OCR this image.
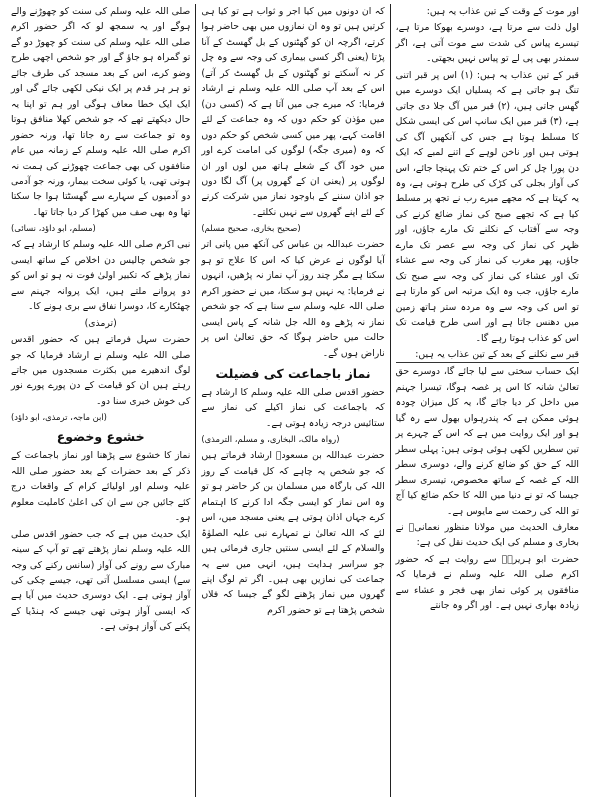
اور موت کے وقت کے تین عذاب یہ ہیں:

اول ذلت سے مرتا ہے، دوسرے بھوکا مرتا ہے، تیسرے پیاس کی شدت سے موت آتی ہے، اگر سمندر بھی پی لے تو پیاس نہیں بجھتی۔

قبر کے تین عذاب یہ ہیں: (۱) اس پر قبر اتنی تنگ ہو جاتی ہے کہ پسلیاں ایک دوسرے میں گھس جاتی ہیں، (۲) قبر میں آگ جلا دی جاتی ہے، (۳) قبر میں ایک سانپ اس کی ایسی شکل کا مسلط ہوتا ہے جس کی آنکھیں آگ کی ہوتی ہیں اور ناخن لوہے کے اتنے لمبے کہ ایک دن پورا چل کر اس کے ختم تک پہنچا جائے، اس کی آواز بجلی کی کڑک کی طرح ہوتی ہے، وہ یہ کہتا ہے کہ مجھے میرے رب نے تجھ پر مسلط کیا ہے کہ تجھے صبح کی نماز ضائع کرنے کی وجہ سے آفتاب کے نکلنے تک مارے جاؤں، اور ظہر کی نماز کی وجہ سے عصر تک مارے جاؤں، پھر مغرب کی نماز کی وجہ سے عشاء تک اور عشاء کی نماز کی وجہ سے صبح تک مارے جاؤں، جب وہ ایک مرتبہ اس کو مارتا ہے تو اس کی وجہ سے وہ مردہ ستر ہاتھ زمین میں دھنس جاتا ہے اور اسی طرح قیامت تک اس کو عذاب ہوتا رہے گا۔

قبر سے نکلنے کے بعد کے تین عذاب یہ ہیں:

ایک حساب سختی سے لیا جائے گا، دوسرے حق تعالیٰ شانہ کا اس پر غصہ ہوگا، تیسرا جہنم میں داخل کر دیا جائے گا، یہ کل میزان چودہ ہوئی ممکن ہے کہ پندرہواں بھول سے رہ گیا ہو اور ایک روایت میں ہے کہ اس کے چہرے پر تین سطریں لکھی ہوئی ہوتی ہیں: پہلی سطر اللہ کے حق کو ضائع کرنے والے، دوسری سطر اللہ کے غصہ کے ساتھ مخصوص، تیسری سطر جیسا کہ تو نے دنیا میں اللہ کا حکم ضائع کیا آج تو اللہ کی رحمت سے مایوس ہے۔

معارف الحدیث میں مولانا منظور نعمانیؒ نے بخاری و مسلم کی ایک حدیث نقل کی ہے:

حضرت ابو ہریرہؓ سے روایت ہے کہ حضور اکرم صلی اللہ علیہ وسلم نے فرمایا کہ منافقوں پر کوئی نماز بھی فجر و عشاء سے زیادہ بھاری نہیں ہے۔ اور اگر وہ جانتے

کہ ان دونوں میں کیا اجر و ثواب ہے تو کیا ہی کرتیں ہیں تو وہ ان نمازوں میں بھی حاضر ہوا کرتے، اگرچہ ان کو گھٹنوں کے بل گھسٹ کے آنا پڑتا (یعنی اگر کسی بیماری کی وجہ سے وہ چل کر نہ آسکتے تو گھٹنوں کے بل گھسٹ کر آتے) اس کے بعد آپ صلی اللہ علیہ وسلم نے ارشاد فرمایا: کہ میرے جی میں آتا ہے کہ (کسی دن) میں مؤذن کو حکم دوں کہ وہ جماعت کے لئے اقامت کہے، پھر میں کسی شخص کو حکم دوں کہ وہ (میری جگہ) لوگوں کی امامت کرے اور میں خود آگ کے شعلے ہاتھ میں لوں اور ان لوگوں پر (یعنی ان کے گھروں پر) آگ لگا دوں جو اذان سننے کے باوجود نماز میں شرکت کرنے کے لئے اپنے گھروں سے نہیں نکلتے۔

(صحیح بخاری، صحیح مسلم)

حضرت عبداللہ بن عباس کی آنکھ میں پانی اتر آیا لوگوں نے عرض کیا کہ اس کا علاج تو ہو سکتا ہے مگر چند روز آپ نماز نہ پڑھیں، انہوں نے فرمایا: یہ نہیں ہو سکتا، میں نے حضور اکرم صلی اللہ علیہ وسلم سے سنا ہے کہ جو شخص نماز نہ پڑھے وہ اللہ جل شانہ کے پاس ایسی حالت میں حاضر ہوگا کہ حق تعالیٰ اس پر ناراض ہوں گے۔

نماز باجماعت کی فضیلت

حضور اقدس صلی اللہ علیہ وسلم کا ارشاد ہے کہ باجماعت کی نماز اکیلے کی نماز سے ستائیس درجہ زیادہ ہوتی ہے۔

(رواہ مالک، البخاری، و مسلم، الترمذی)

حضرت عبداللہ بن مسعودؓ ارشاد فرماتے ہیں کہ جو شخص یہ چاہے کہ کل قیامت کے روز اللہ کی بارگاہ میں مسلمان بن کر حاضر ہو تو وہ اس نماز کو ایسی جگہ ادا کرنے کا اہتمام کرے جہاں اذان ہوتی ہے یعنی مسجد میں، اس لئے کہ اللہ تعالیٰ نے تمہارے نبی علیہ الصلوٰۃ والسلام کے لئے ایسی سنتیں جاری فرمائی ہیں جو سراسر ہدایت ہیں، انہی میں سے یہ جماعت کی نمازیں بھی ہیں۔ اگر تم لوگ اپنے گھروں میں نماز پڑھنے لگو گے جیسا کہ فلاں شخص پڑھتا ہے تو حضور اکرم

صلی اللہ علیہ وسلم کی سنت کو چھوڑنے والے ہوگے اور یہ سمجھ لو کہ اگر حضور اکرم صلی اللہ علیہ وسلم کی سنت کو چھوڑ دو گے تو گمراہ ہو جاؤ گے اور جو شخص اچھی طرح وضو کرے، اس کے بعد مسجد کی طرف جائے تو ہر ہر قدم پر ایک نیکی لکھی جائے گی اور ایک ایک خطا معاف ہوگی اور ہم تو اپنا یہ حال دیکھتے تھے کہ جو شخص کھلا منافق ہوتا وہ تو جماعت سے رہ جاتا تھا، ورنہ حضور اکرم صلی اللہ علیہ وسلم کے زمانہ میں عام منافقوں کی بھی جماعت چھوڑنے کی ہمت نہ ہوتی تھی، یا کوئی سخت بیمار، ورنہ جو آدمی دو آدمیوں کے سہارے سے گھسٹتا ہوا جا سکتا تھا وہ بھی صف میں کھڑا کر دیا جاتا تھا۔

(مسلم، ابو داؤد، نسائی)

نبی اکرم صلی اللہ علیہ وسلم کا ارشاد ہے کہ جو شخص چالیس دن اخلاص کے ساتھ ایسی نماز پڑھے کہ تکبیر اولیٰ فوت نہ ہو تو اس کو دو پروانے ملتے ہیں، ایک پروانہ جہنم سے چھٹکارے کا، دوسرا نفاق سے بری ہونے کا۔

(ترمذی)

حضرت سہل فرماتے ہیں کہ حضور اقدس صلی اللہ علیہ وسلم نے ارشاد فرمایا کہ جو لوگ اندھیرے میں بکثرت مسجدوں میں جاتے رہتے ہیں ان کو قیامت کے دن پورے پورے نور کی خوش خبری سنا دو۔

(ابن ماجہ، ترمذی، ابو داؤد)

خشوع وخضوع

نماز کا خشوع سے پڑھنا اور نماز باجماعت کے ذکر کے بعد حضرات کے بعد حضور صلی اللہ علیہ وسلم اور اولیائے کرام کے واقعات درج کئے جائیں جن سے ان کی اعلیٰ کاملیت معلوم ہو۔

ایک حدیث میں ہے کہ جب حضور اقدس صلی اللہ علیہ وسلم نماز پڑھتے تھے تو آپ کے سینہ مبارک سے رونے کی آواز (سانس رکنے کی وجہ سے) ایسی مسلسل آتی تھی، جیسے چکی کی آواز ہوتی ہے۔ ایک دوسری حدیث میں آیا ہے کہ ایسی آواز ہوتی تھی جیسے کہ ہنڈیا کے پکنے کی آواز ہوتی ہے۔
